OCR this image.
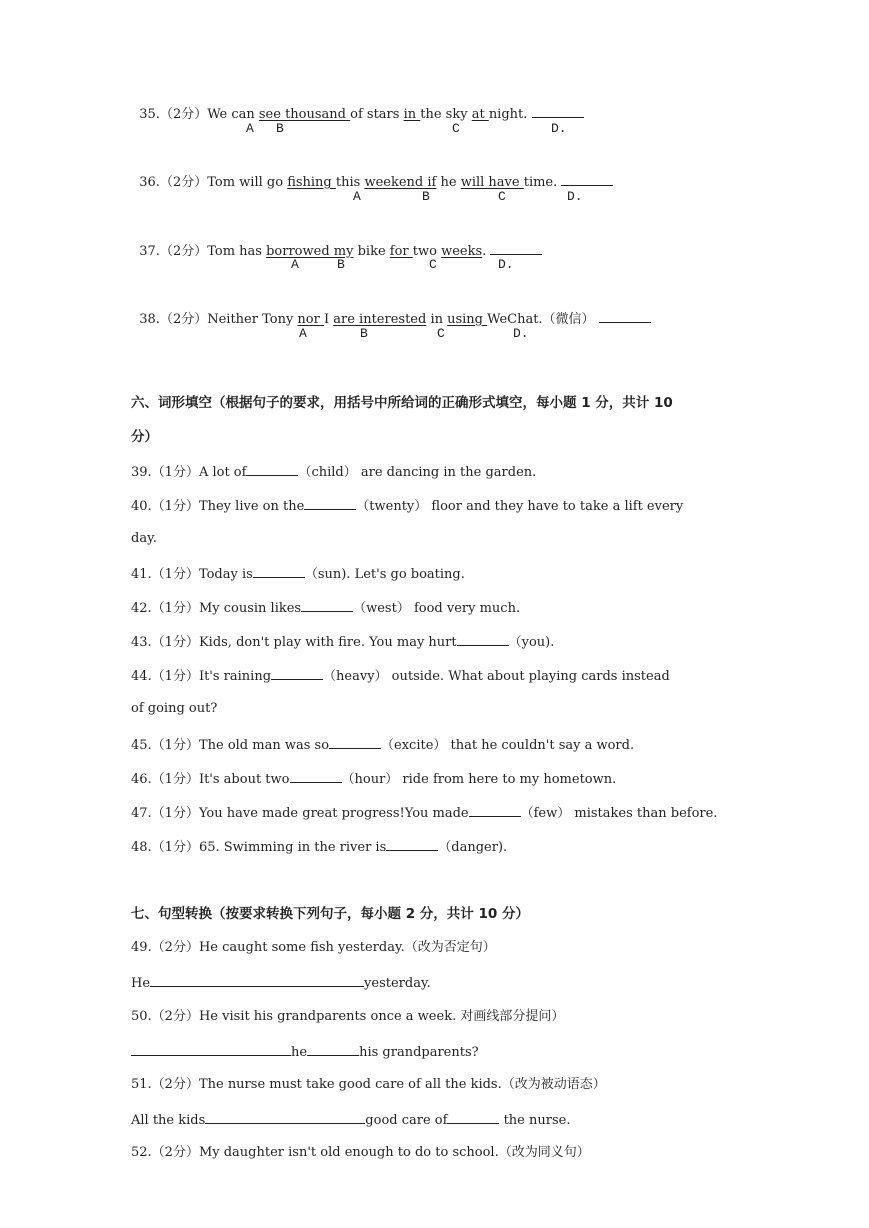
35.（2分）We can see thousand of stars in the sky at night.

A B	C	D.

36.（2分）Tom will go fishing this weekend if he will have time.

A	B	C	D.

37.（2分）Tom has borrowed my bike for two weeks.

A	B	C	D.

38.（2分）Neither Tony nor I are interested in using WeChat.（微信）

A	B	C	D.
六、词形填空（根据句子的要求，用括号中所给词的正确形式填空，每小题 1 分，共计 10
分）
39.（1分）A lot of	（child） are dancing in the garden.
40.（1分）They live on the	（twenty） floor and they have to take a lift every
day.
41.（1分）Today is	（sun). Let's go boating.
42.（1分）My cousin likes	（west） food very much.
43.（1分）Kids, don't play with fire. You may hurt	（you).
44.（1分）It's raining	（heavy） outside. What about playing cards instead
of going out?
45.（1分）The old man was so	（excite） that he couldn't say a word.
46.（1分）It's about two	（hour） ride from here to my hometown.
47.（1分）You have made great progress!You made	（few） mistakes than before.
48.（1分）65. Swimming in the river is	（danger).
七、句型转换（按要求转换下列句子，每小题 2 分，共计 10 分）
49.（2分）He caught some fish yesterday.（改为否定句）
He	yesterday.
50.（2分）He visit his grandparents once a week. 对画线部分提问）
he	his grandparents?
51.（2分）The nurse must take good care of all the kids.（改为被动语态）
All the kids	good care of	the nurse.
52.（2分）My daughter isn't old enough to do to school.（改为同义句）
